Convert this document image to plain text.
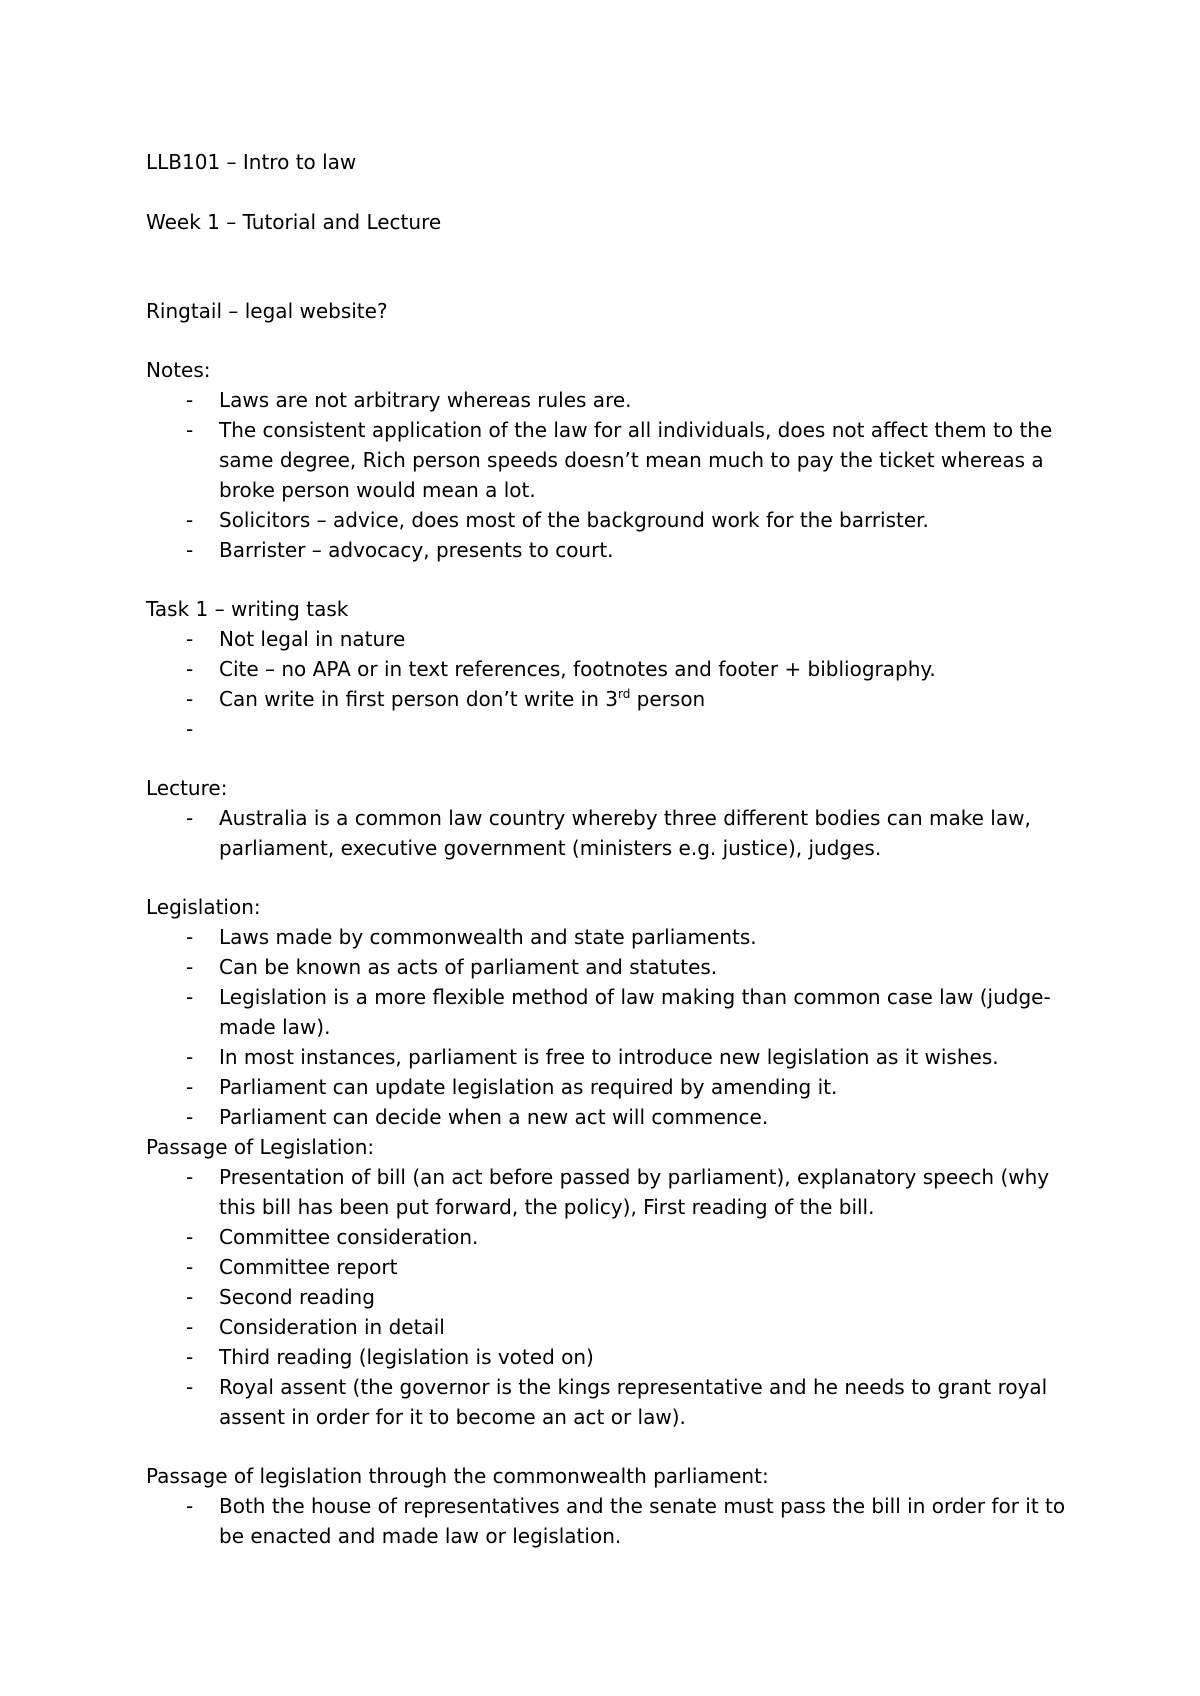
LLB101 – Intro to law
Week 1 – Tutorial and Lecture
Ringtail – legal website?
Notes:
-	Laws are not arbitrary whereas rules are.
-	The consistent application of the law for all individuals, does not affect them to the same degree, Rich person speeds doesn’t mean much to pay the ticket whereas a broke person would mean a lot.
-	Solicitors – advice, does most of the background work for the barrister.
-	Barrister – advocacy, presents to court.
Task 1 – writing task
-	Not legal in nature
-	Cite – no APA or in text references, footnotes and footer + bibliography.
-	Can write in first person don’t write in 3rd person
-
Lecture:
-	Australia is a common law country whereby three different bodies can make law, parliament, executive government (ministers e.g. justice), judges.
Legislation:
-	Laws made by commonwealth and state parliaments.
-	Can be known as acts of parliament and statutes.
-	Legislation is a more flexible method of law making than common case law (judge-made law).
-	In most instances, parliament is free to introduce new legislation as it wishes.
-	Parliament can update legislation as required by amending it.
-	Parliament can decide when a new act will commence.
Passage of Legislation:
-	Presentation of bill (an act before passed by parliament), explanatory speech (why this bill has been put forward, the policy), First reading of the bill.
-	Committee consideration.
-	Committee report
-	Second reading
-	Consideration in detail
-	Third reading (legislation is voted on)
-	Royal assent (the governor is the kings representative and he needs to grant royal assent in order for it to become an act or law).
Passage of legislation through the commonwealth parliament:
-	Both the house of representatives and the senate must pass the bill in order for it to be enacted and made law or legislation.
